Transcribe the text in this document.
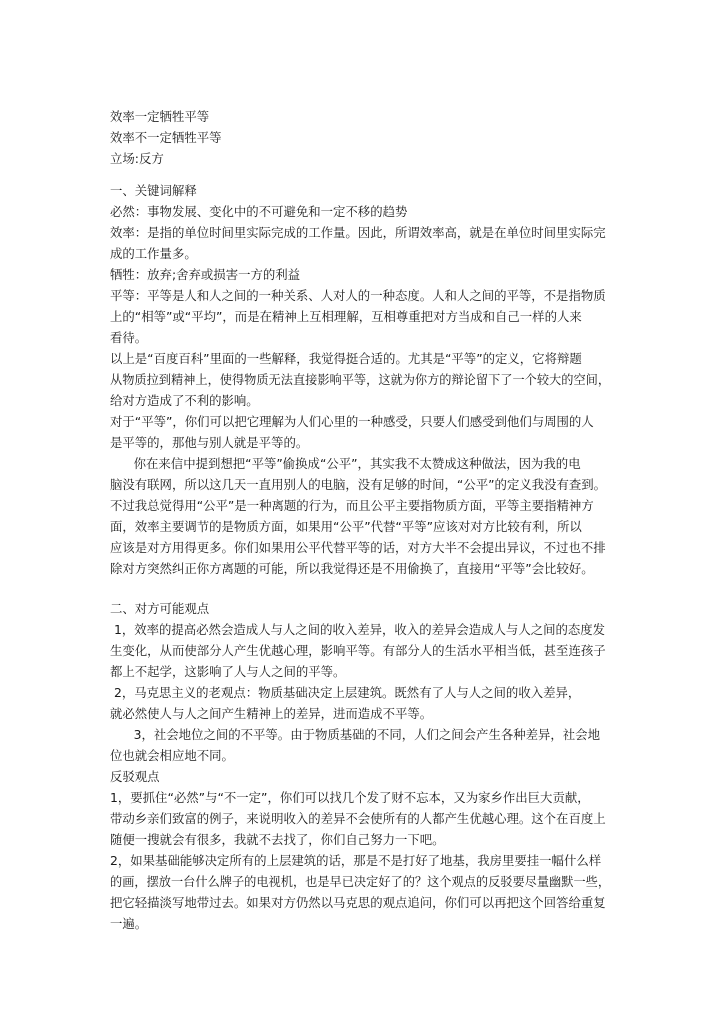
效率一定牺牲平等

效率不一定牺牲平等

立场:反方

一、关键词解释

必然：事物发展、变化中的不可避免和一定不移的趋势

效率：是指的单位时间里实际完成的工作量。因此，所谓效率高，就是在单位时间里实际完

成的工作量多。

牺牲：放弃;舍弃或损害一方的利益

平等：平等是人和人之间的一种关系、人对人的一种态度。人和人之间的平等，不是指物质

上的“相等”或“平均”，而是在精神上互相理解，互相尊重把对方当成和自己一样的人来

看待。

以上是“百度百科”里面的一些解释，我觉得挺合适的。尤其是“平等”的定义，它将辩题

从物质拉到精神上，使得物质无法直接影响平等，这就为你方的辩论留下了一个较大的空间，

给对方造成了不利的影响。

对于“平等”，你们可以把它理解为人们心里的一种感受，只要人们感受到他们与周围的人

是平等的，那他与别人就是平等的。

你在来信中提到想把“平等”偷换成“公平”，其实我不太赞成这种做法，因为我的电

脑没有联网，所以这几天一直用别人的电脑，没有足够的时间，“公平”的定义我没有查到。

不过我总觉得用“公平”是一种离题的行为，而且公平主要指物质方面，平等主要指精神方

面，效率主要调节的是物质方面，如果用“公平”代替“平等”应该对对方比较有利，所以

应该是对方用得更多。你们如果用公平代替平等的话，对方大半不会提出异议，不过也不排

除对方突然纠正你方离题的可能，所以我觉得还是不用偷换了，直接用“平等”会比较好。

二、对方可能观点

1，效率的提高必然会造成人与人之间的收入差异，收入的差异会造成人与人之间的态度发

生变化，从而使部分人产生优越心理，影响平等。有部分人的生活水平相当低，甚至连孩子

都上不起学，这影响了人与人之间的平等。

2，马克思主义的老观点：物质基础决定上层建筑。既然有了人与人之间的收入差异，

就必然使人与人之间产生精神上的差异，进而造成不平等。

3，社会地位之间的不平等。由于物质基础的不同，人们之间会产生各种差异，社会地

位也就会相应地不同。

反驳观点

1，要抓住“必然”与“不一定”，你们可以找几个发了财不忘本，又为家乡作出巨大贡献，

带动乡亲们致富的例子，来说明收入的差异不会使所有的人都产生优越心理。这个在百度上

随便一搜就会有很多，我就不去找了，你们自己努力一下吧。

2，如果基础能够决定所有的上层建筑的话，那是不是打好了地基，我房里要挂一幅什么样

的画，摆放一台什么牌子的电视机，也是早已决定好了的？这个观点的反驳要尽量幽默一些，

把它轻描淡写地带过去。如果对方仍然以马克思的观点追问，你们可以再把这个回答给重复

一遍。
